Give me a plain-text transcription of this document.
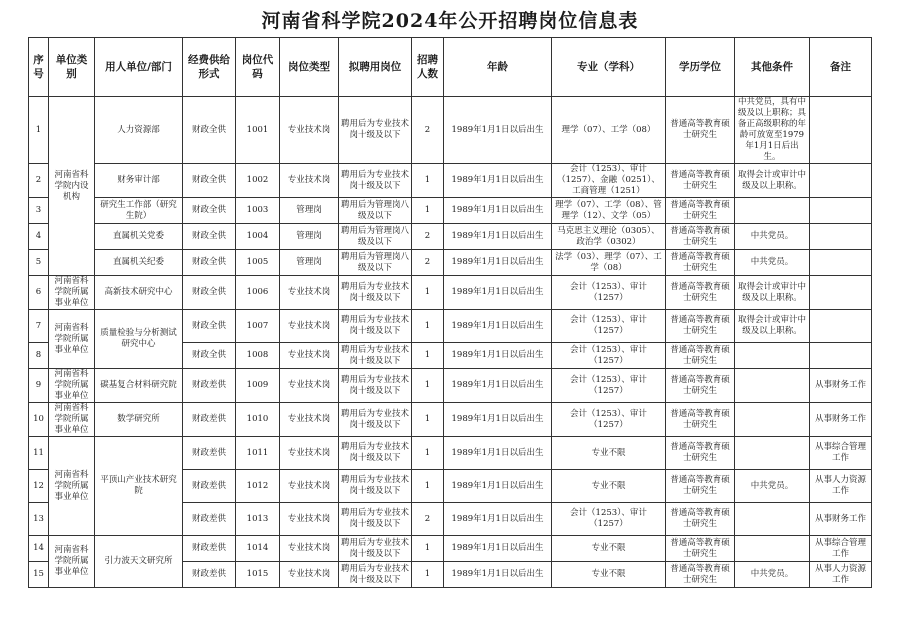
河南省科学院2024年公开招聘岗位信息表
序号	单位类别	用人单位/部门	经费供给形式	岗位代码	岗位类型	拟聘用岗位	招聘人数	年龄	专业（学科）	学历学位	其他条件	备注
1	河南省科学院内设机构	人力资源部	财政全供	1001	专业技术岗	聘用后为专业技术岗十级及以下	2	1989年1月1日以后出生	理学（07）、工学（08）	普通高等教育硕士研究生	中共党员，具有中级及以上职称；具备正高级职称的年龄可放宽至1979年1月1日后出生。	
2		财务审计部	财政全供	1002	专业技术岗	聘用后为专业技术岗十级及以下	1	1989年1月1日以后出生	会计（1253）、审计（1257）、金融（0251）、工商管理（1251）	普通高等教育硕士研究生	取得会计或审计中级及以上职称。	
3		研究生工作部（研究生院）	财政全供	1003	管理岗	聘用后为管理岗八级及以下	1	1989年1月1日以后出生	理学（07）、工学（08）、管理学（12）、文学（05）	普通高等教育硕士研究生		
4		直属机关党委	财政全供	1004	管理岗	聘用后为管理岗八级及以下	2	1989年1月1日以后出生	马克思主义理论（0305）、政治学（0302）	普通高等教育硕士研究生	中共党员。	
5		直属机关纪委	财政全供	1005	管理岗	聘用后为管理岗八级及以下	2	1989年1月1日以后出生	法学（03）、理学（07）、工学（08）	普通高等教育硕士研究生	中共党员。	
6	河南省科学院所属事业单位	高新技术研究中心	财政全供	1006	专业技术岗	聘用后为专业技术岗十级及以下	1	1989年1月1日以后出生	会计（1253）、审计（1257）	普通高等教育硕士研究生	取得会计或审计中级及以上职称。	
7	河南省科学院所属事业单位	质量检验与分析测试研究中心	财政全供	1007	专业技术岗	聘用后为专业技术岗十级及以下	1	1989年1月1日以后出生	会计（1253）、审计（1257）	普通高等教育硕士研究生	取得会计或审计中级及以上职称。	
8			财政全供	1008	专业技术岗	聘用后为专业技术岗十级及以下	1	1989年1月1日以后出生	会计（1253）、审计（1257）	普通高等教育硕士研究生		
9	河南省科学院所属事业单位	碳基复合材料研究院	财政差供	1009	专业技术岗	聘用后为专业技术岗十级及以下	1	1989年1月1日以后出生	会计（1253）、审计（1257）	普通高等教育硕士研究生		从事财务工作
10	河南省科学院所属事业单位	数学研究所	财政差供	1010	专业技术岗	聘用后为专业技术岗十级及以下	1	1989年1月1日以后出生	会计（1253）、审计（1257）	普通高等教育硕士研究生		从事财务工作
11	河南省科学院所属事业单位	平顶山产业技术研究院	财政差供	1011	专业技术岗	聘用后为专业技术岗十级及以下	1	1989年1月1日以后出生	专业不限	普通高等教育硕士研究生		从事综合管理工作
12			财政差供	1012	专业技术岗	聘用后为专业技术岗十级及以下	1	1989年1月1日以后出生	专业不限	普通高等教育硕士研究生	中共党员。	从事人力资源工作
13			财政差供	1013	专业技术岗	聘用后为专业技术岗十级及以下	2	1989年1月1日以后出生	会计（1253）、审计（1257）	普通高等教育硕士研究生		从事财务工作
14	河南省科学院所属事业单位	引力波天文研究所	财政差供	1014	专业技术岗	聘用后为专业技术岗十级及以下	1	1989年1月1日以后出生	专业不限	普通高等教育硕士研究生		从事综合管理工作
15			财政差供	1015	专业技术岗	聘用后为专业技术岗十级及以下	1	1989年1月1日以后出生	专业不限	普通高等教育硕士研究生	中共党员。	从事人力资源工作
